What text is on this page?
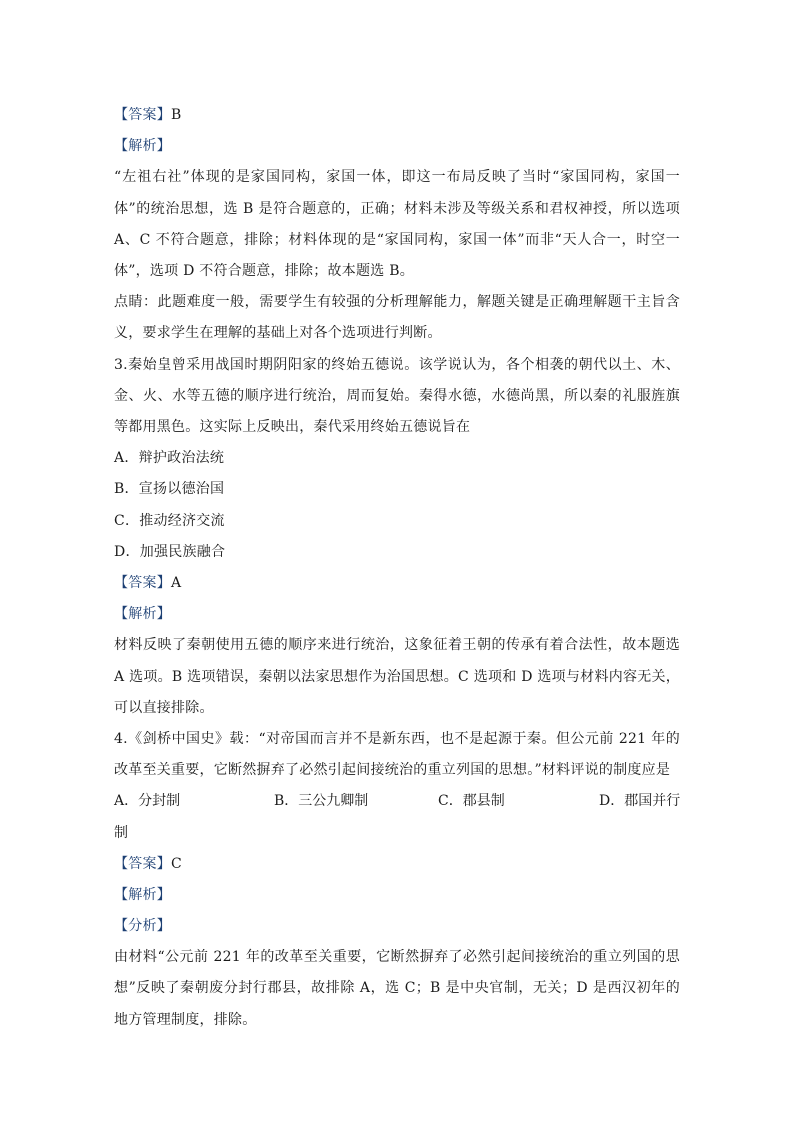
【答案】B
【解析】
“左祖右社”体现的是家国同构，家国一体，即这一布局反映了当时“家国同构，家国一体”的统治思想，选 B 是符合题意的，正确；材料未涉及等级关系和君权神授，所以选项 A、C 不符合题意，排除；材料体现的是“家国同构，家国一体”而非“天人合一，时空一体”，选项 D 不符合题意，排除；故本题选 B。
点睛：此题难度一般，需要学生有较强的分析理解能力，解题关键是正确理解题干主旨含义，要求学生在理解的基础上对各个选项进行判断。
3.秦始皇曾采用战国时期阴阳家的终始五德说。该学说认为，各个相袭的朝代以土、木、金、火、水等五德的顺序进行统治，周而复始。秦得水德，水德尚黑，所以秦的礼服旌旗等都用黑色。这实际上反映出，秦代采用终始五德说旨在
A．辩护政治法统
B．宣扬以德治国
C．推动经济交流
D．加强民族融合
【答案】A
【解析】
材料反映了秦朝使用五德的顺序来进行统治，这象征着王朝的传承有着合法性，故本题选 A 选项。B 选项错误，秦朝以法家思想作为治国思想。C 选项和 D 选项与材料内容无关，可以直接排除。
4.《剑桥中国史》载：“对帝国而言并不是新东西，也不是起源于秦。但公元前 221 年的改革至关重要，它断然摒弃了必然引起间接统治的重立列国的思想。”材料评说的制度应是
A．分封制	B．三公九卿制	C．郡县制	D．郡国并行
制
【答案】C
【解析】
【分析】
由材料“公元前 221 年的改革至关重要，它断然摒弃了必然引起间接统治的重立列国的思想”反映了秦朝废分封行郡县，故排除 A，选 C；B 是中央官制，无关；D 是西汉初年的地方管理制度，排除。
